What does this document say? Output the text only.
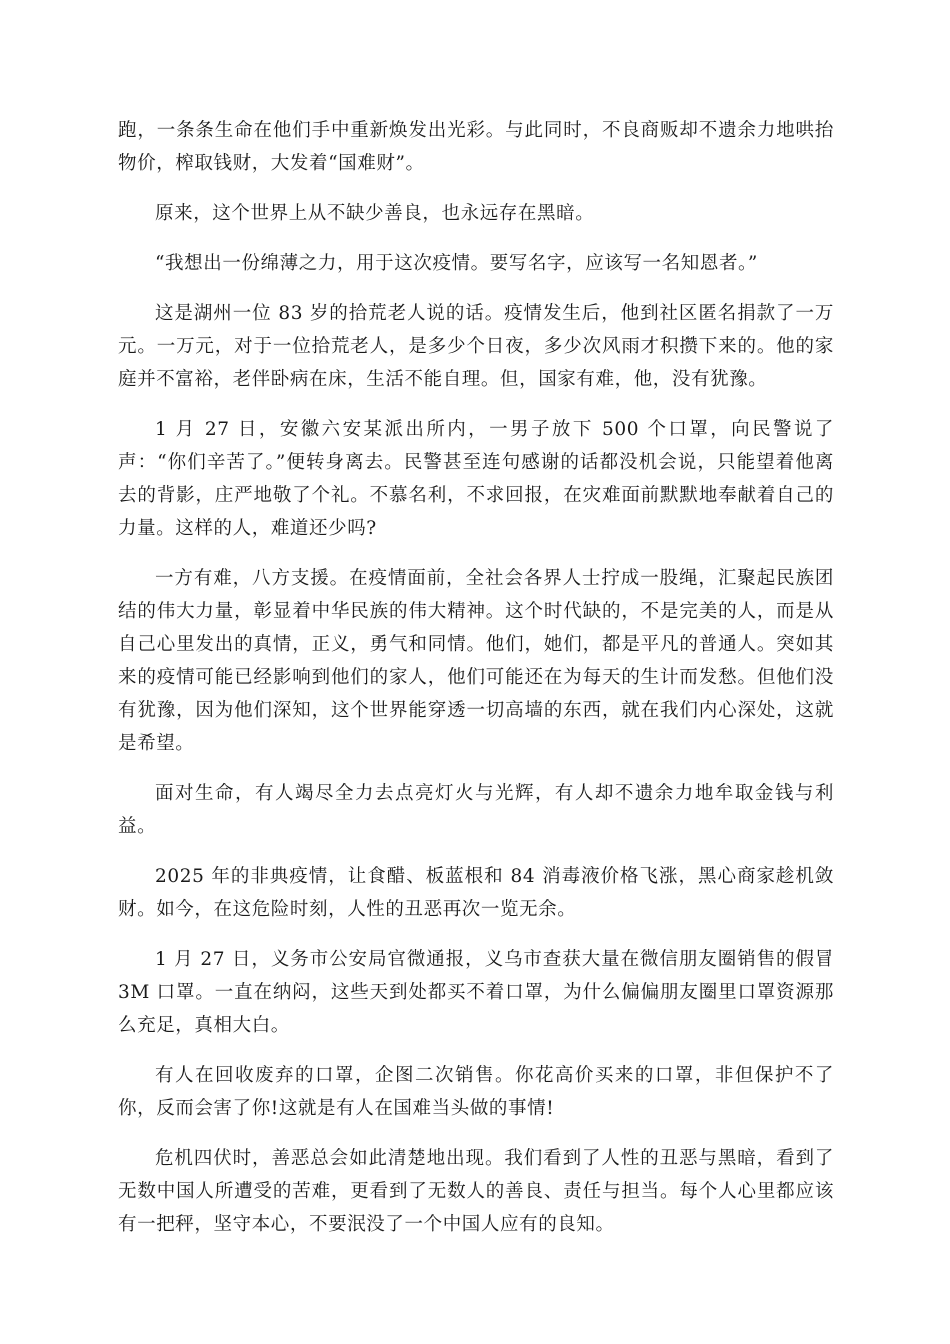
跑，一条条生命在他们手中重新焕发出光彩。与此同时，不良商贩却不遗余力地哄抬物价，榨取钱财，大发着“国难财”。

原来，这个世界上从不缺少善良，也永远存在黑暗。

“我想出一份绵薄之力，用于这次疫情。要写名字，应该写一名知恩者。”

这是湖州一位 83 岁的拾荒老人说的话。疫情发生后，他到社区匿名捐款了一万元。一万元，对于一位拾荒老人，是多少个日夜，多少次风雨才积攒下来的。他的家庭并不富裕，老伴卧病在床，生活不能自理。但，国家有难，他，没有犹豫。

1 月 27 日，安徽六安某派出所内，一男子放下 500 个口罩，向民警说了声：“你们辛苦了。”便转身离去。民警甚至连句感谢的话都没机会说，只能望着他离去的背影，庄严地敬了个礼。不慕名利，不求回报，在灾难面前默默地奉献着自己的力量。这样的人，难道还少吗?

一方有难，八方支援。在疫情面前，全社会各界人士拧成一股绳，汇聚起民族团结的伟大力量，彰显着中华民族的伟大精神。这个时代缺的，不是完美的人，而是从自己心里发出的真情，正义，勇气和同情。他们，她们，都是平凡的普通人。突如其来的疫情可能已经影响到他们的家人，他们可能还在为每天的生计而发愁。但他们没有犹豫，因为他们深知，这个世界能穿透一切高墙的东西，就在我们内心深处，这就是希望。

面对生命，有人竭尽全力去点亮灯火与光辉，有人却不遗余力地牟取金钱与利益。

2025 年的非典疫情，让食醋、板蓝根和 84 消毒液价格飞涨，黑心商家趁机敛财。如今，在这危险时刻，人性的丑恶再次一览无余。

1 月 27 日，义务市公安局官微通报，义乌市查获大量在微信朋友圈销售的假冒 3M 口罩。一直在纳闷，这些天到处都买不着口罩，为什么偏偏朋友圈里口罩资源那么充足，真相大白。

有人在回收废弃的口罩，企图二次销售。你花高价买来的口罩，非但保护不了你，反而会害了你!这就是有人在国难当头做的事情!

危机四伏时，善恶总会如此清楚地出现。我们看到了人性的丑恶与黑暗，看到了无数中国人所遭受的苦难，更看到了无数人的善良、责任与担当。每个人心里都应该有一把秤，坚守本心，不要泯没了一个中国人应有的良知。
